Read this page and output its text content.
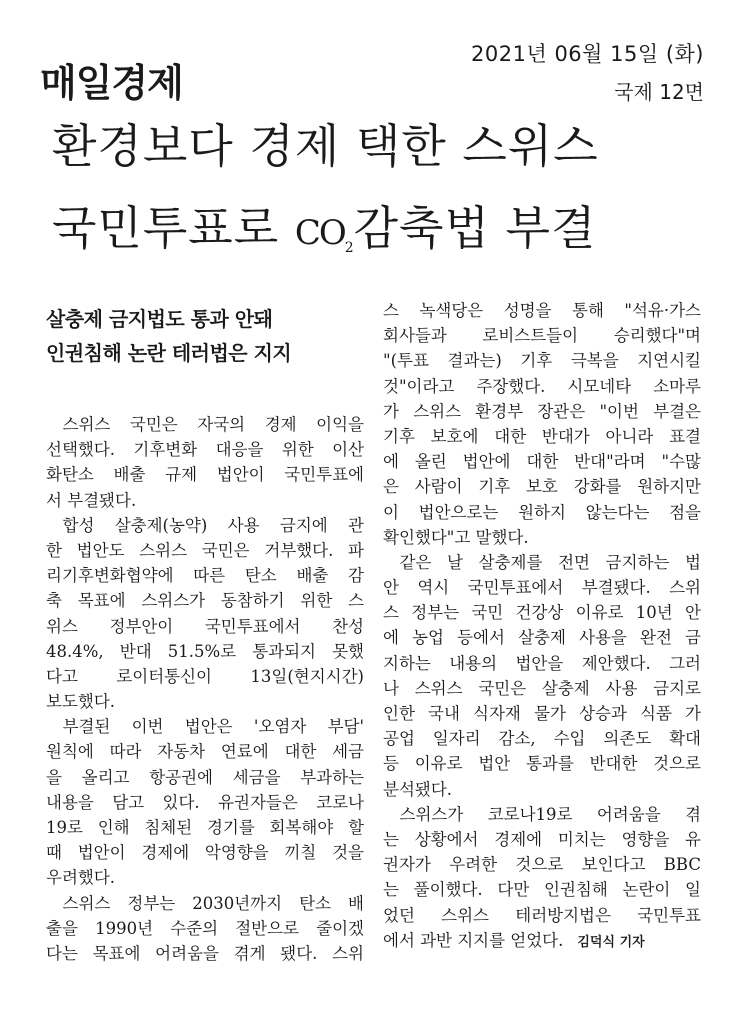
2021년 06월 15일 (화)
매일경제	국제 12면
환경보다 경제 택한 스위스
국민투표로 $CO_2$감축법 부결
살충제 금지법도 통과 안돼
인권침해 논란 테러법은 지지
 스위스 국민은 자국의 경제 이익을
선택했다. 기후변화 대응을 위한 이산
화탄소 배출 규제 법안이 국민투표에
서 부결됐다.
 합성 살충제(농약) 사용 금지에 관
한 법안도 스위스 국민은 거부했다. 파
리기후변화협약에 따른 탄소 배출 감
축 목표에 스위스가 동참하기 위한 스
위스 정부안이 국민투표에서 찬성
48.4%, 반대 51.5%로 통과되지 못했
다고 로이터통신이 13일(현지시간)
보도했다.
 부결된 이번 법안은 '오염자 부담'
원칙에 따라 자동차 연료에 대한 세금
을 올리고 항공권에 세금을 부과하는
내용을 담고 있다. 유권자들은 코로나
19로 인해 침체된 경기를 회복해야 할
때 법안이 경제에 악영향을 끼칠 것을
우려했다.
 스위스 정부는 2030년까지 탄소 배
출을 1990년 수준의 절반으로 줄이겠
다는 목표에 어려움을 겪게 됐다. 스위
스 녹색당은 성명을 통해 "석유·가스
회사들과 로비스트들이 승리했다"며
"(투표 결과는) 기후 극복을 지연시킬
것"이라고 주장했다. 시모네타 소마루
가 스위스 환경부 장관은 "이번 부결은
기후 보호에 대한 반대가 아니라 표결
에 올린 법안에 대한 반대"라며 "수많
은 사람이 기후 보호 강화를 원하지만
이 법안으로는 원하지 않는다는 점을
확인했다"고 말했다.
 같은 날 살충제를 전면 금지하는 법
안 역시 국민투표에서 부결됐다. 스위
스 정부는 국민 건강상 이유로 10년 안
에 농업 등에서 살충제 사용을 완전 금
지하는 내용의 법안을 제안했다. 그러
나 스위스 국민은 살충제 사용 금지로
인한 국내 식자재 물가 상승과 식품 가
공업 일자리 감소, 수입 의존도 확대
등 이유로 법안 통과를 반대한 것으로
분석됐다.
 스위스가 코로나19로 어려움을 겪
는 상황에서 경제에 미치는 영향을 유
권자가 우려한 것으로 보인다고 BBC
는 풀이했다. 다만 인권침해 논란이 일
었던 스위스 테러방지법은 국민투표
에서 과반 지지를 얻었다. 김덕식 기자
